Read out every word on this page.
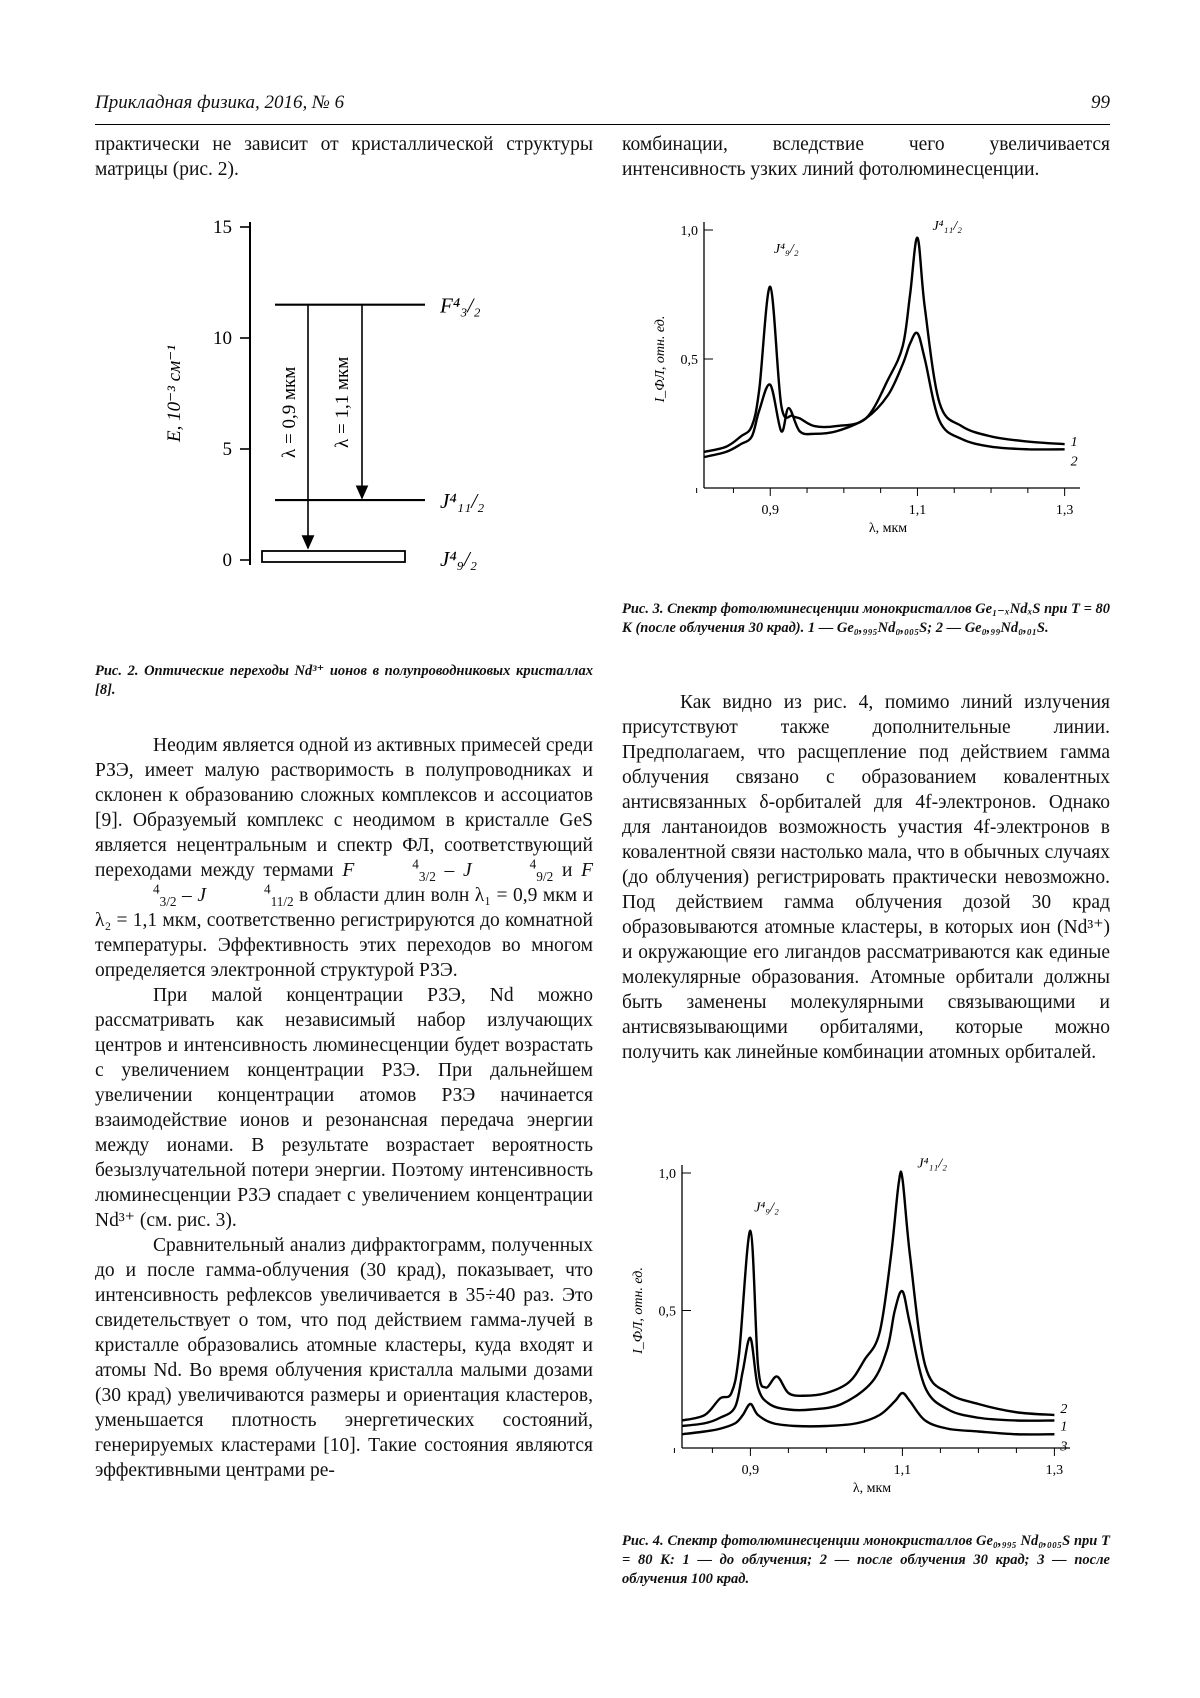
Прикладная физика, 2016, № 6	99

практически не зависит от кристаллической структуры матрицы (рис. 2).

0
5
10
15
E, 10⁻³ см⁻¹
F⁴₃/₂
J⁴₁₁/₂
J⁴₉/₂
λ = 0,9 мкм λ = 1,1 мкм
Рис. 2. Оптические переходы Nd³⁺ ионов в полупроводниковых кристаллах [8].

Неодим является одной из активных примесей среди РЗЭ, имеет малую растворимость в полупроводниках и склонен к образованию сложных комплексов и ассоциатов [9]. Образуемый комплекс с неодимом в кристалле GeS является нецентральным и спектр ФЛ, соответствующий переходами между термами F	$^4_{3/2}$ – J	$^4_{9/2}$ и $F^4_{3/2}$ – J	$^4_{11/2}$ в области длин волн λ₁ = 0,9 мкм и λ₂ = 1,1 мкм, соответственно регистрируются до комнатной температуры. Эффективность этих переходов во многом определяется электронной структурой РЗЭ.

При малой концентрации РЗЭ, Nd можно рассматривать как независимый набор излучающих центров и интенсивность люминесценции будет возрастать с увеличением концентрации РЗЭ. При дальнейшем увеличении концентрации атомов РЗЭ начинается взаимодействие ионов и резонансная передача энергии между ионами. В результате возрастает вероятность безызлучательной потери энергии. Поэтому интенсивность люминесценции РЗЭ спадает с увеличением концентрации Nd³⁺ (см. рис. 3).

Сравнительный анализ дифрактограмм, полученных до и после гамма-облучения (30 крад), показывает, что интенсивность рефлексов увеличивается в 35÷40 раз. Это свидетельствует о том, что под действием гамма-лучей в кристалле образовались атомные кластеры, куда входят и атомы Nd. Во время облучения кристалла малыми дозами (30 крад) увеличиваются размеры и ориентация кластеров, уменьшается плотность энергетических состояний, генерируемых кластерами [10]. Такие состояния являются эффективными центрами ре-

комбинации, вследствие чего увеличивается интенсивность узких линий фотолюминесценции.

0,9	1,1	1,3
0,5
1,0
λ, мкм
I_ФЛ, отн. ед.
1
2
J⁴₉/₂
J⁴₁₁/₂
Рис. 3. Спектр фотолюминесценции монокристаллов Ge₁₋ₓNdₓS при T = 80 К (после облучения 30 крад). 1 — Ge₀,₉₉₅Nd₀,₀₀₅S; 2 — Ge₀,₉₉Nd₀,₀₁S.

Как видно из рис. 4, помимо линий излучения присутствуют также дополнительные линии. Предполагаем, что расщепление под действием гамма облучения связано с образованием ковалентных антисвязанных δ-орбиталей для 4f-электронов. Однако для лантаноидов возможность участия 4f-электронов в ковалентной связи настолько мала, что в обычных случаях (до облучения) регистрировать практически невозможно. Под действием гамма облучения дозой 30 крад образовываются атомные кластеры, в которых ион (Nd³⁺) и окружающие его лигандов рассматриваются как единые молекулярные образования. Атомные орбитали должны быть заменены молекулярными связывающими и антисвязывающими орбиталями, которые можно получить как линейные комбинации атомных орбиталей.

0,9	1,1	1,3
0,5
1,0
λ, мкм
I_ФЛ, отн. ед.
2
1
3
J⁴₉/₂
J⁴₁₁/₂
Рис. 4. Спектр фотолюминесценции монокристаллов Ge₀,₉₉₅ Nd₀,₀₀₅S при T = 80 К: 1 — до облучения; 2 — после облучения 30 крад; 3 — после облучения 100 крад.
